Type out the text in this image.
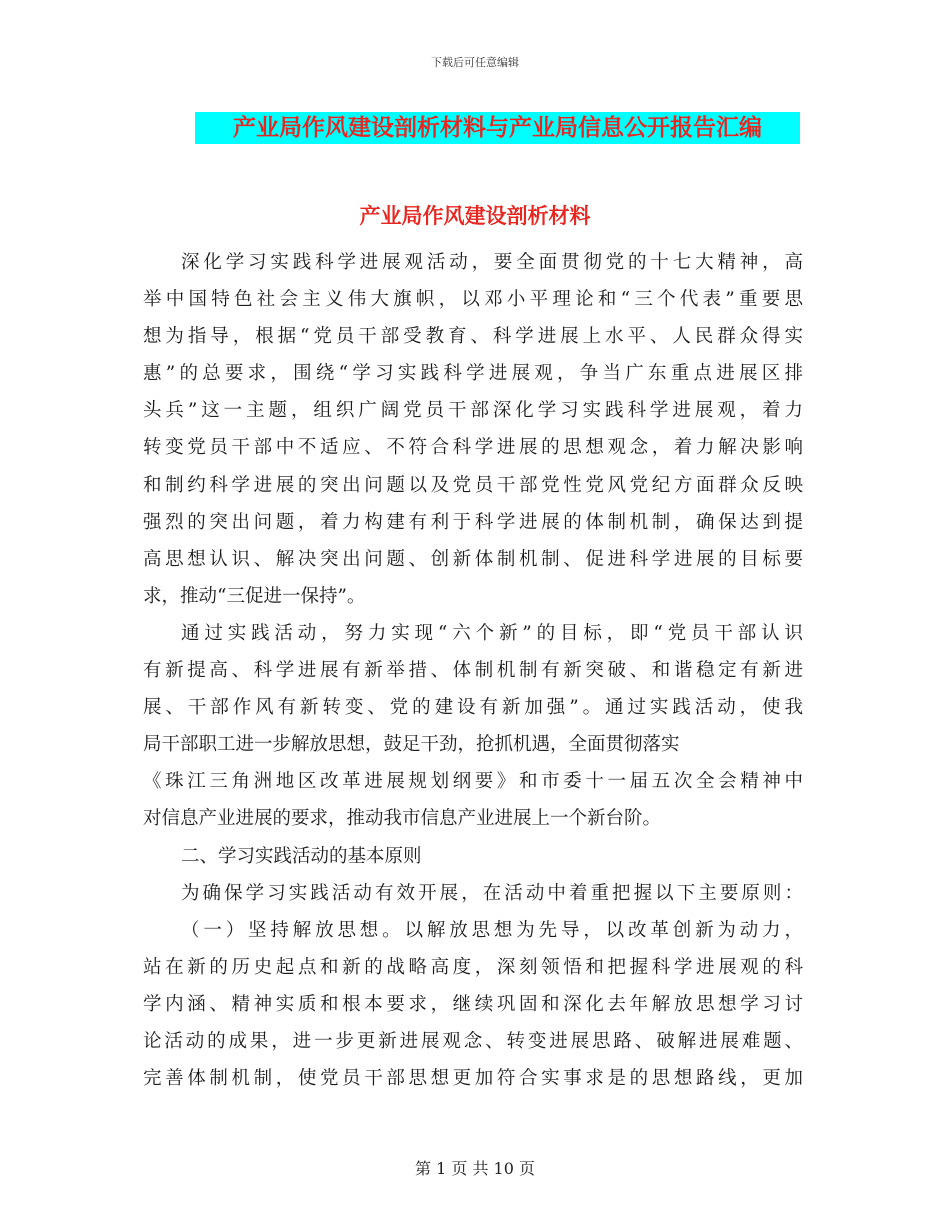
下载后可任意编辑
产业局作风建设剖析材料与产业局信息公开报告汇编
产业局作风建设剖析材料
深化学习实践科学进展观活动，要全面贯彻党的十七大精神，高
举中国特色社会主义伟大旗帜，以邓小平理论和“三个代表”重要思
想为指导，根据“党员干部受教育、科学进展上水平、人民群众得实
惠”的总要求，围绕“学习实践科学进展观，争当广东重点进展区排
头兵”这一主题，组织广阔党员干部深化学习实践科学进展观，着力
转变党员干部中不适应、不符合科学进展的思想观念，着力解决影响
和制约科学进展的突出问题以及党员干部党性党风党纪方面群众反映
强烈的突出问题，着力构建有利于科学进展的体制机制，确保达到提
高思想认识、解决突出问题、创新体制机制、促进科学进展的目标要
求，推动“三促进一保持”。
通过实践活动，努力实现“六个新”的目标，即“党员干部认识
有新提高、科学进展有新举措、体制机制有新突破、和谐稳定有新进
展、干部作风有新转变、党的建设有新加强”。通过实践活动，使我
局干部职工进一步解放思想，鼓足干劲，抢抓机遇，全面贯彻落实
《珠江三角洲地区改革进展规划纲要》和市委十一届五次全会精神中
对信息产业进展的要求，推动我市信息产业进展上一个新台阶。
二、学习实践活动的基本原则
为确保学习实践活动有效开展，在活动中着重把握以下主要原则：
（一）坚持解放思想。以解放思想为先导，以改革创新为动力，
站在新的历史起点和新的战略高度，深刻领悟和把握科学进展观的科
学内涵、精神实质和根本要求，继续巩固和深化去年解放思想学习讨
论活动的成果，进一步更新进展观念、转变进展思路、破解进展难题、
完善体制机制，使党员干部思想更加符合实事求是的思想路线，更加
第 1 页 共 10 页
